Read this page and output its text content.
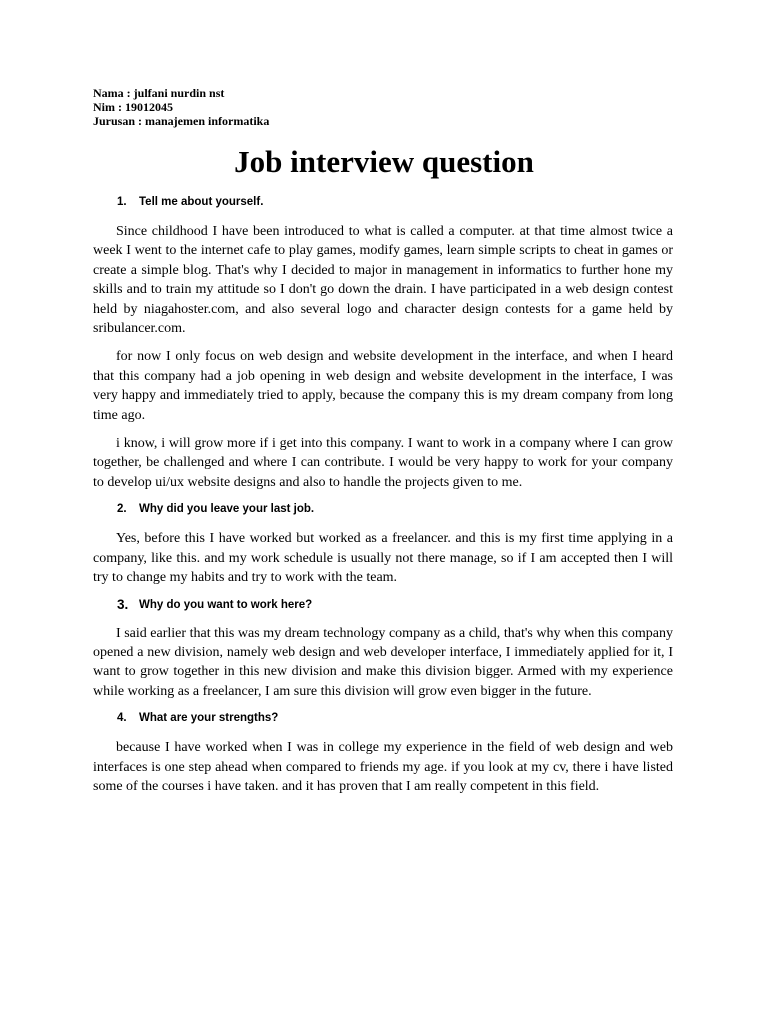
Nama : julfani nurdin nst
Nim : 19012045
Jurusan : manajemen informatika
Job interview question
1.	Tell me about yourself.

Since childhood I have been introduced to what is called a computer. at that time almost twice a week I went to the internet cafe to play games, modify games, learn simple scripts to cheat in games or create a simple blog. That's why I decided to major in management in informatics to further hone my skills and to train my attitude so I don't go down the drain. I have participated in a web design contest held by niagahoster.com, and also several logo and character design contests for a game held by sribulancer.com.

for now I only focus on web design and website development in the interface, and when I heard that this company had a job opening in web design and website development in the interface, I was very happy and immediately tried to apply, because the company this is my dream company from long time ago.

i know, i will grow more if i get into this company. I want to work in a company where I can grow together, be challenged and where I can contribute. I would be very happy to work for your company to develop ui/ux website designs and also to handle the projects given to me.

2.	Why did you leave your last job.

Yes, before this I have worked but worked as a freelancer. and this is my first time applying in a company, like this. and my work schedule is usually not there manage, so if I am accepted then I will try to change my habits and try to work with the team.

3. Why do you want to work here?

I said earlier that this was my dream technology company as a child, that's why when this company opened a new division, namely web design and web developer interface, I immediately applied for it, I want to grow together in this new division and make this division bigger. Armed with my experience while working as a freelancer, I am sure this division will grow even bigger in the future.

4.	What are your strengths?

because I have worked when I was in college my experience in the field of web design and web interfaces is one step ahead when compared to friends my age. if you look at my cv, there i have listed some of the courses i have taken. and it has proven that I am really competent in this field.
